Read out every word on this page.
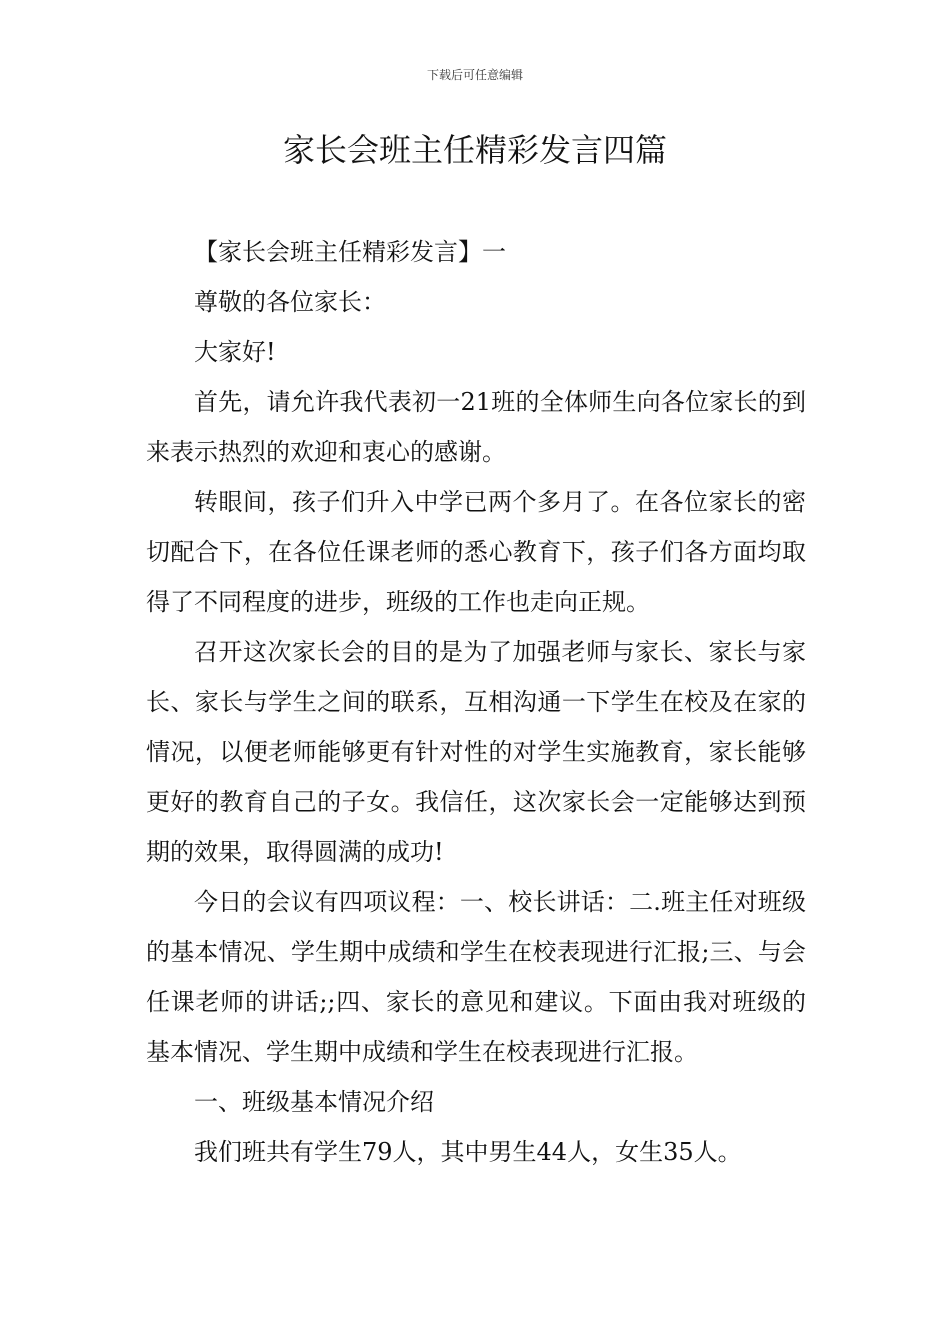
下载后可任意编辑
家长会班主任精彩发言四篇

【家长会班主任精彩发言】一

尊敬的各位家长：

大家好!

首先，请允许我代表初一21班的全体师生向各位家长的到来表示热烈的欢迎和衷心的感谢。

转眼间，孩子们升入中学已两个多月了。在各位家长的密切配合下，在各位任课老师的悉心教育下，孩子们各方面均取得了不同程度的进步，班级的工作也走向正规。

召开这次家长会的目的是为了加强老师与家长、家长与家长、家长与学生之间的联系，互相沟通一下学生在校及在家的情况，以便老师能够更有针对性的对学生实施教育，家长能够更好的教育自己的子女。我信任，这次家长会一定能够达到预期的效果，取得圆满的成功!

今日的会议有四项议程：一、校长讲话：二.班主任对班级的基本情况、学生期中成绩和学生在校表现进行汇报;三、与会任课老师的讲话;;四、家长的意见和建议。下面由我对班级的基本情况、学生期中成绩和学生在校表现进行汇报。

一、班级基本情况介绍

我们班共有学生79人，其中男生44人，女生35人。
